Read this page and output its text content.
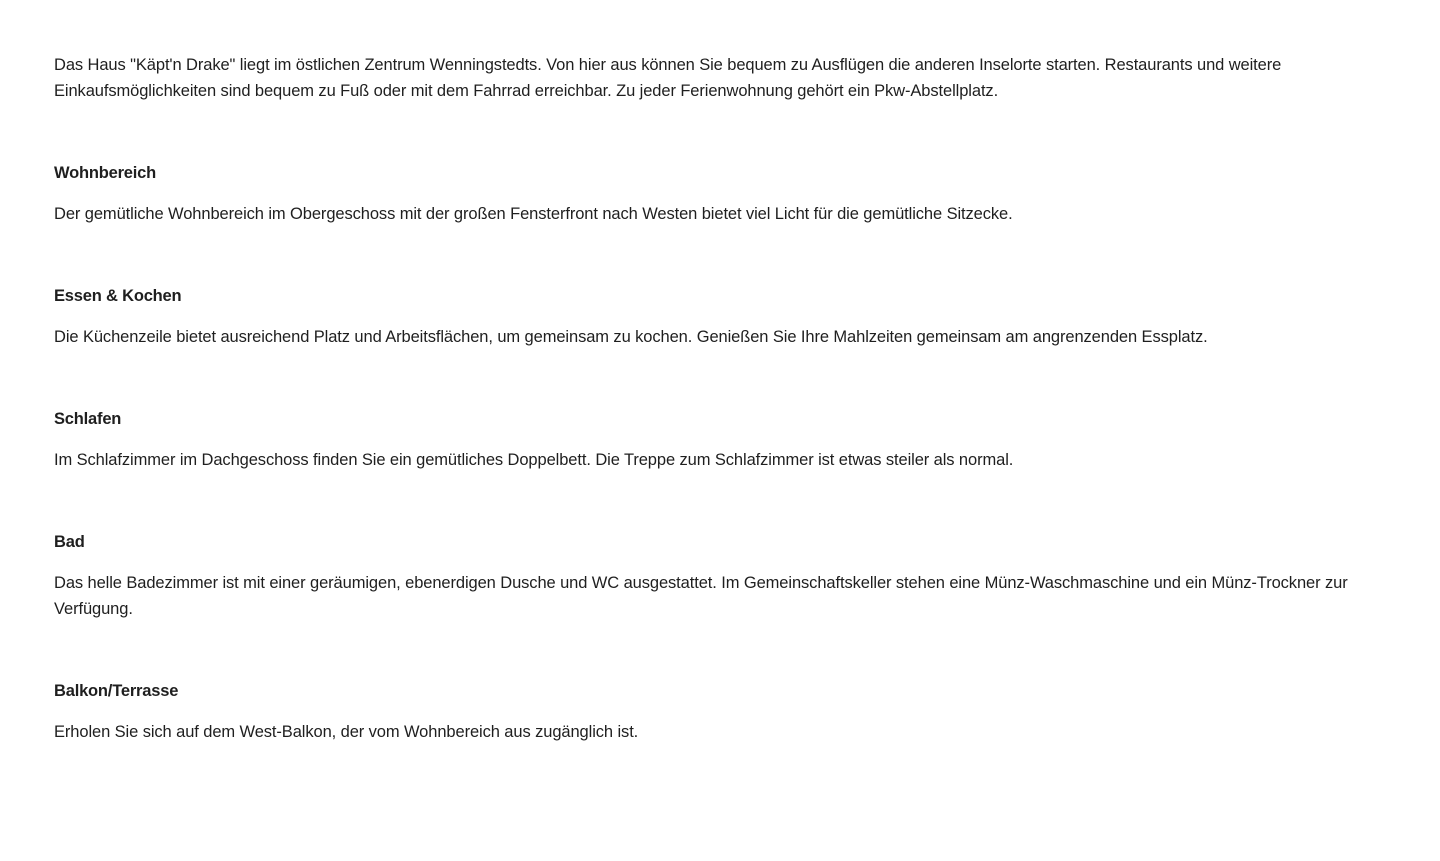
Das Haus "Käpt'n Drake" liegt im östlichen Zentrum Wenningstedts. Von hier aus können Sie bequem zu Ausflügen die anderen Inselorte starten. Restaurants und weitere Einkaufsmöglichkeiten sind bequem zu Fuß oder mit dem Fahrrad erreichbar. Zu jeder Ferienwohnung gehört ein Pkw-Abstellplatz.

Wohnbereich

Der gemütliche Wohnbereich im Obergeschoss mit der großen Fensterfront nach Westen bietet viel Licht für die gemütliche Sitzecke.

Essen & Kochen

Die Küchenzeile bietet ausreichend Platz und Arbeitsflächen, um gemeinsam zu kochen. Genießen Sie Ihre Mahlzeiten gemeinsam am angrenzenden Essplatz.

Schlafen

Im Schlafzimmer im Dachgeschoss finden Sie ein gemütliches Doppelbett. Die Treppe zum Schlafzimmer ist etwas steiler als normal.

Bad

Das helle Badezimmer ist mit einer geräumigen, ebenerdigen Dusche und WC ausgestattet. Im Gemeinschaftskeller stehen eine Münz-Waschmaschine und ein Münz-Trockner zur Verfügung.

Balkon/Terrasse

Erholen Sie sich auf dem West-Balkon, der vom Wohnbereich aus zugänglich ist.
